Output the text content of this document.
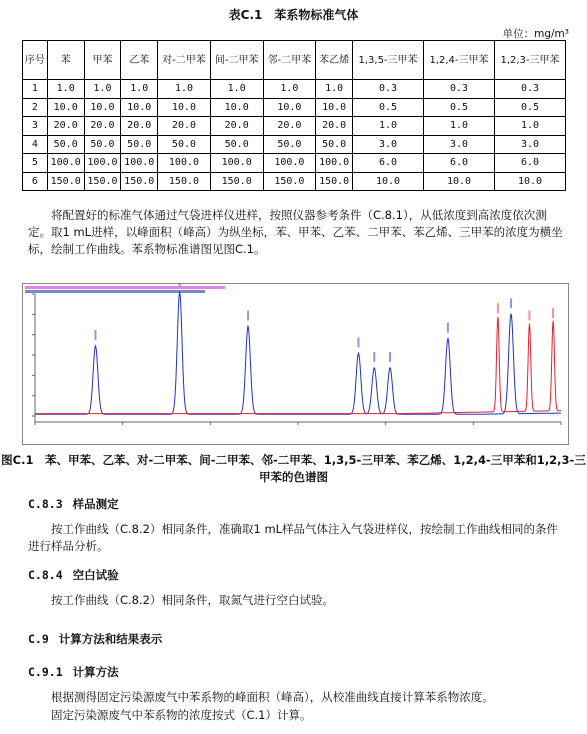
表C.1　苯系物标准气体
单位：mg/m³
序号	苯	甲苯	乙苯	对-二甲苯	间-二甲苯	邻-二甲苯	苯乙烯	1,3,5-三甲苯	1,2,4-三甲苯	1,2,3-三甲苯
1	1.0	1.0	1.0	1.0	1.0	1.0	1.0	0.3	0.3	0.3
2	10.0	10.0	10.0	10.0	10.0	10.0	10.0	0.5	0.5	0.5
3	20.0	20.0	20.0	20.0	20.0	20.0	20.0	1.0	1.0	1.0
4	50.0	50.0	50.0	50.0	50.0	50.0	50.0	3.0	3.0	3.0
5	100.0	100.0	100.0	100.0	100.0	100.0	100.0	6.0	6.0	6.0
6	150.0	150.0	150.0	150.0	150.0	150.0	150.0	10.0	10.0	10.0
将配置好的标准气体通过气袋进样仪进样，按照仪器参考条件（C.8.1），从低浓度到高浓度依次测定。取1 mL进样，以峰面积（峰高）为纵坐标，苯、甲苯、乙苯、二甲苯、苯乙烯、三甲苯的浓度为横坐标，绘制工作曲线。苯系物标准谱图见图C.1。
图C.1　苯、甲苯、乙苯、对-二甲苯、间-二甲苯、邻-二甲苯、1,3,5-三甲苯、苯乙烯、1,2,4-三甲苯和1,2,3-三甲苯的色谱图
C.8.3 样品测定
按工作曲线（C.8.2）相同条件，准确取1 mL样品气体注入气袋进样仪，按绘制工作曲线相同的条件进行样品分析。
C.8.4 空白试验
按工作曲线（C.8.2）相同条件，取氮气进行空白试验。
C.9 计算方法和结果表示
C.9.1 计算方法
根据测得固定污染源废气中苯系物的峰面积（峰高），从校准曲线直接计算苯系物浓度。
固定污染源废气中苯系物的浓度按式（C.1）计算。
